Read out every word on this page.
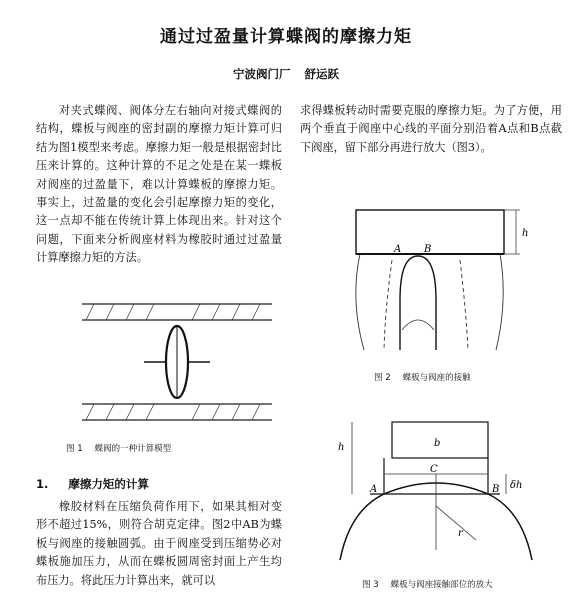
通过过盈量计算蝶阀的摩擦力矩
宁波阀门厂 舒运跃

对夹式蝶阀、阀体分左右轴向对接式蝶阀的结构，蝶板与阀座的密封副的摩擦力矩计算可归结为图1模型来考虑。摩擦力矩一般是根据密封比压来计算的。这种计算的不足之处是在某一蝶板对阀座的过盈量下，难以计算蝶板的摩擦力矩。事实上，过盈量的变化会引起摩擦力矩的变化，这一点却不能在传统计算上体现出来。针对这个问题，下面来分析阀座材料为橡胶时通过过盈量计算摩擦力矩的方法。

求得蝶板转动时需要克服的摩擦力矩。为了方便，用两个垂直于阀座中心线的平面分别沿着A点和B点截下阀座，留下部分再进行放大（图3）。

图 1 蝶阀的一种计算模型
1. 摩擦力矩的计算

橡胶材料在压缩负荷作用下，如果其相对变形不超过15%，则符合胡克定律。图2中AB为蝶板与阀座的接触圆弧。由于阀座受到压缩势必对蝶板施加压力，从而在蝶板圆周密封面上产生均布压力。将此压力计算出来，就可以

h
A B
图 2 蝶板与阀座的接触
b
r
C
A	B
h
δh
图 3 蝶板与阀座接触部位的放大
